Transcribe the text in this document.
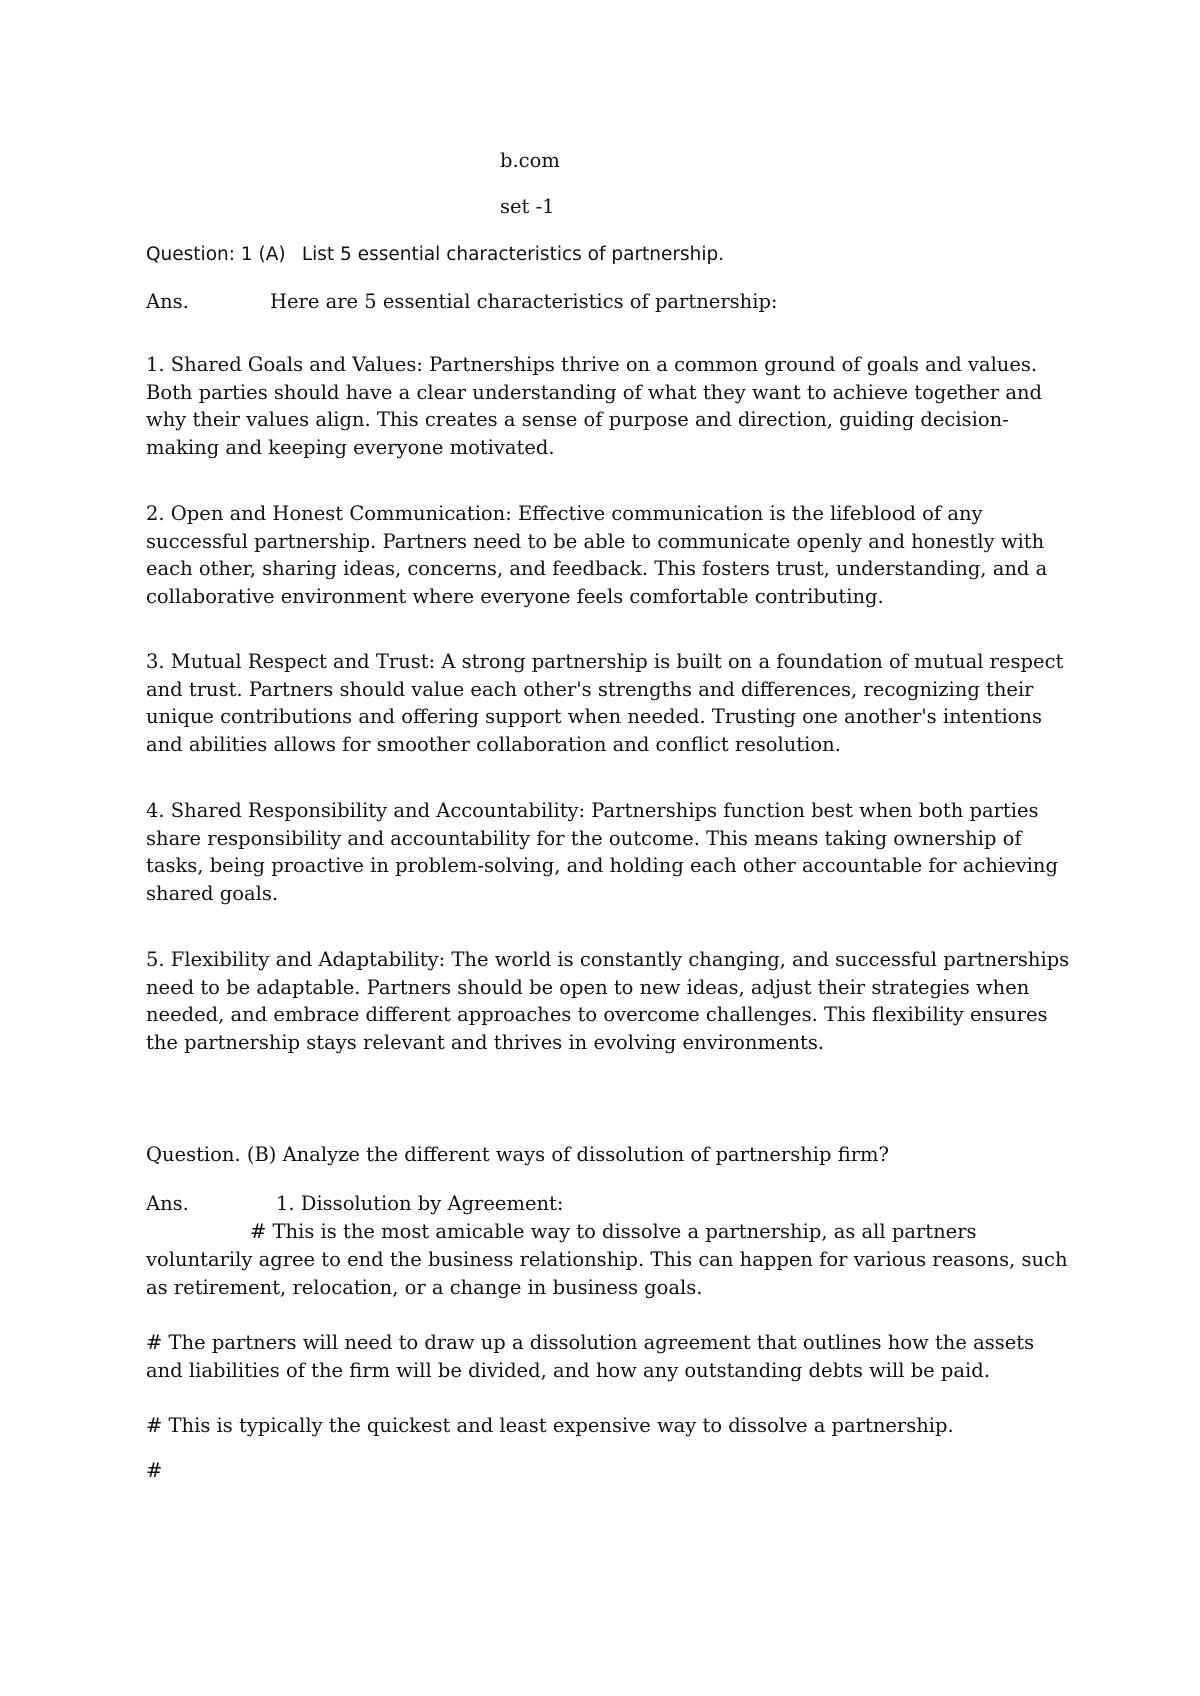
b.com
set -1
Question: 1 (A) List 5 essential characteristics of partnership.
Ans.	Here are 5 essential characteristics of partnership:
1. Shared Goals and Values: Partnerships thrive on a common ground of goals and values. Both parties should have a clear understanding of what they want to achieve together and why their values align. This creates a sense of purpose and direction, guiding decision-making and keeping everyone motivated.
2. Open and Honest Communication: Effective communication is the lifeblood of any successful partnership. Partners need to be able to communicate openly and honestly with each other, sharing ideas, concerns, and feedback. This fosters trust, understanding, and a collaborative environment where everyone feels comfortable contributing.
3. Mutual Respect and Trust: A strong partnership is built on a foundation of mutual respect and trust. Partners should value each other's strengths and differences, recognizing their unique contributions and offering support when needed. Trusting one another's intentions and abilities allows for smoother collaboration and conflict resolution.
4. Shared Responsibility and Accountability: Partnerships function best when both parties share responsibility and accountability for the outcome. This means taking ownership of tasks, being proactive in problem-solving, and holding each other accountable for achieving shared goals.
5. Flexibility and Adaptability: The world is constantly changing, and successful partnerships need to be adaptable. Partners should be open to new ideas, adjust their strategies when needed, and embrace different approaches to overcome challenges. This flexibility ensures the partnership stays relevant and thrives in evolving environments.
Question. (B) Analyze the different ways of dissolution of partnership firm?
Ans.	1. Dissolution by Agreement:
# This is the most amicable way to dissolve a partnership, as all partners
voluntarily agree to end the business relationship. This can happen for various reasons, such as retirement, relocation, or a change in business goals.
# The partners will need to draw up a dissolution agreement that outlines how the assets and liabilities of the firm will be divided, and how any outstanding debts will be paid.
# This is typically the quickest and least expensive way to dissolve a partnership.
#
